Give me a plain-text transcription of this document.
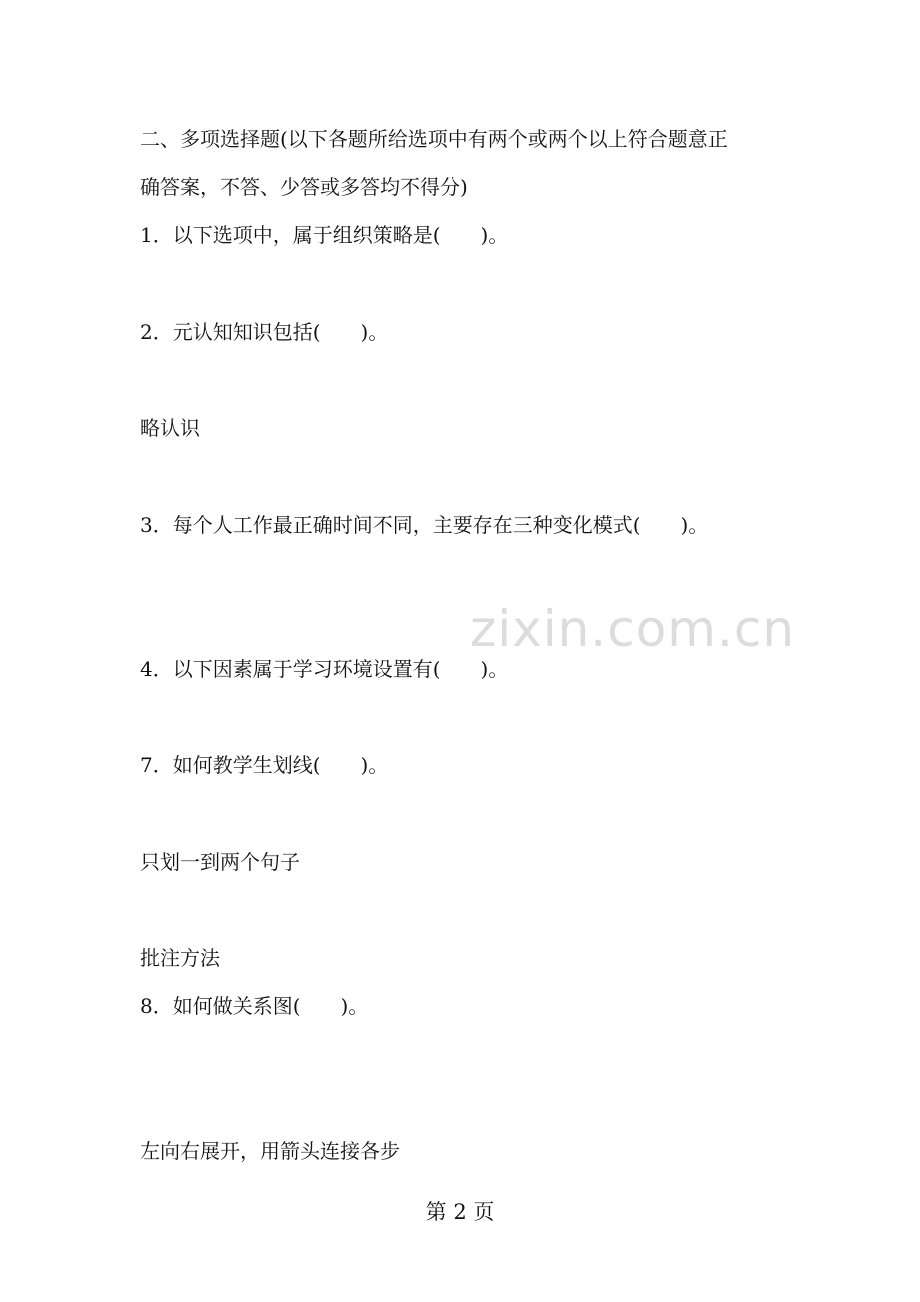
二、多项选择题(以下各题所给选项中有两个或两个以上符合题意正
确答案，不答、少答或多答均不得分)
1．以下选项中，属于组织策略是(　　)。

2．元认知知识包括(　　)。

略认识

3．每个人工作最正确时间不同，主要存在三种变化模式(　　)。

4．以下因素属于学习环境设置有(　　)。

7．如何教学生划线(　　)。

只划一到两个句子

批注方法
8．如何做关系图(　　)。

左向右展开，用箭头连接各步
zixin.com.cn
第 2 页
